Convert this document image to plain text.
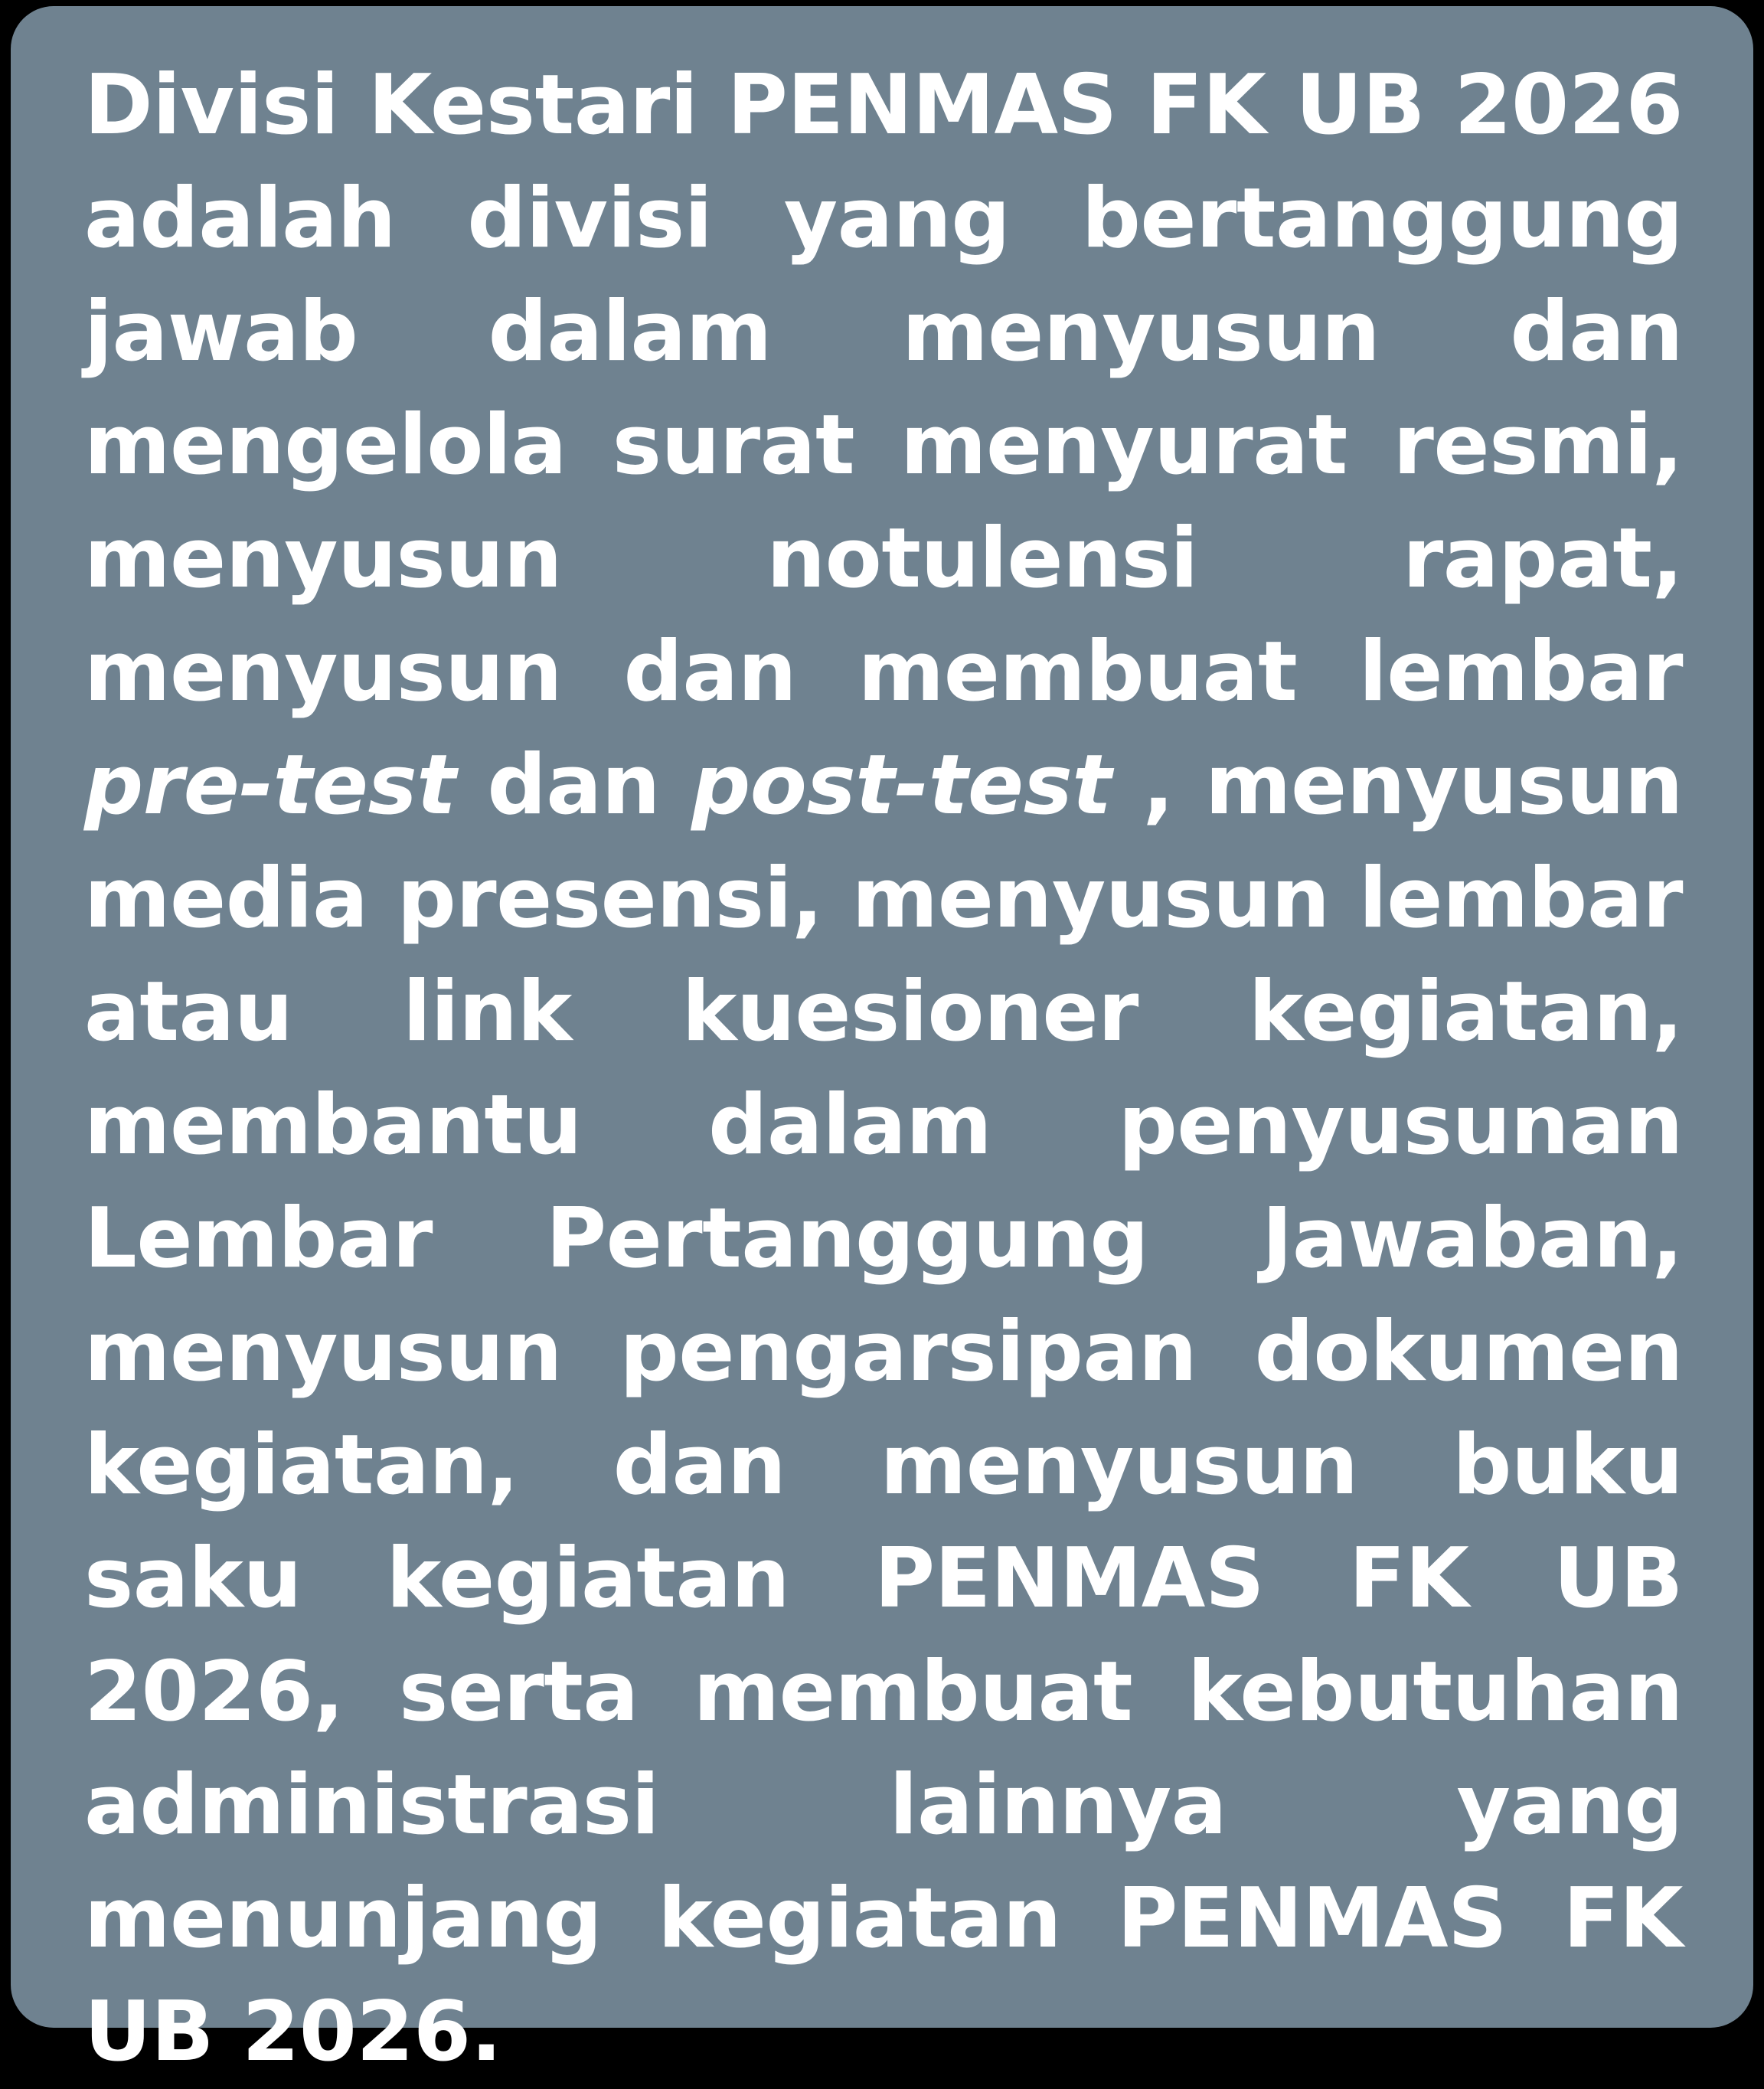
Divisi Kestari PENMAS FK UB 2026 adalah divisi yang bertanggung jawab dalam menyusun dan mengelola surat menyurat resmi, menyusun notulensi rapat, menyusun dan membuat lembar pre-test dan post-test , menyusun media presensi, menyusun lembar atau link kuesioner kegiatan, membantu dalam penyusunan Lembar Pertanggung Jawaban, menyusun pengarsipan dokumen kegiatan, dan menyusun buku saku kegiatan PENMAS FK UB 2026, serta membuat kebutuhan administrasi lainnya yang menunjang kegiatan PENMAS FK UB 2026.
